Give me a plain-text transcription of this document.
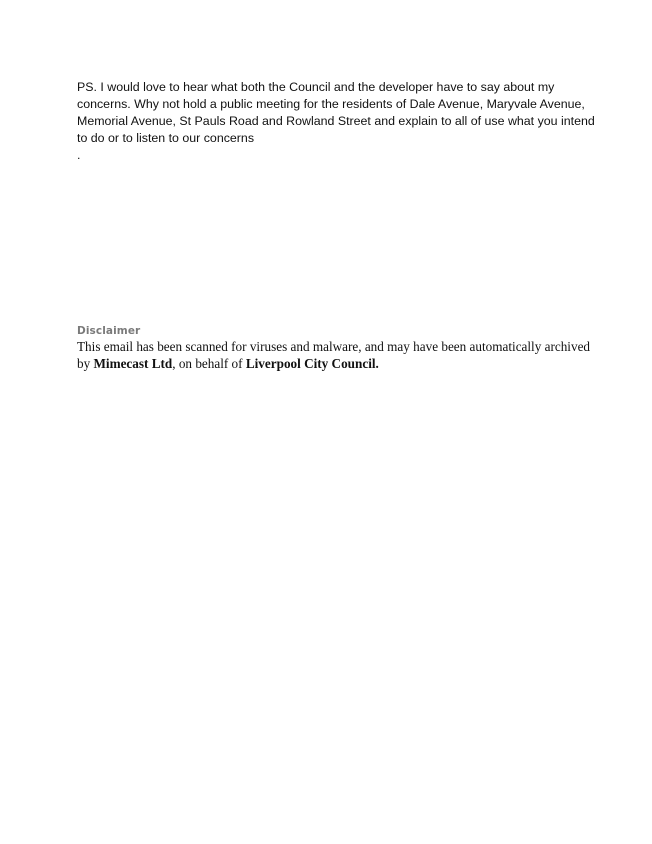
PS. I would love to hear what both the Council and the developer have to say about my
concerns. Why not hold a public meeting for the residents of Dale Avenue, Maryvale Avenue,
Memorial Avenue, St Pauls Road and Rowland Street and explain to all of use what you intend
to do or to listen to our concerns
.
Disclaimer
This email has been scanned for viruses and malware, and may have been automatically archived
by Mimecast Ltd, on behalf of Liverpool City Council.
